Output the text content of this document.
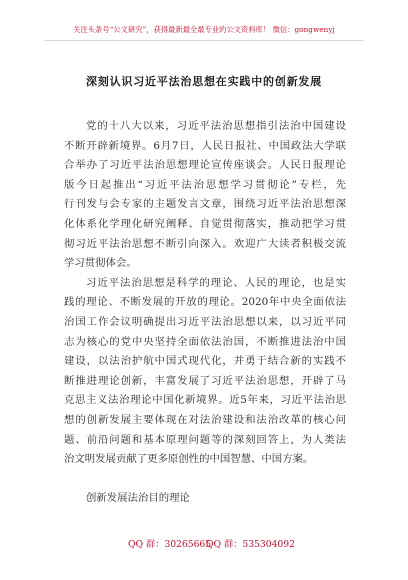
关注头条号“公文研究”，获得最新最全最专业的公文资料库！ 微信：gongwenyj
深刻认识习近平法治思想在实践中的创新发展
党的十八大以来，习近平法治思想指引法治中国建设
不断开辟新境界。6月7日，人民日报社、中国政法大学联
合举办了习近平法治思想理论宣传座谈会。人民日报理论
版今日起推出“习近平法治思想学习贯彻论”专栏，先
行刊发与会专家的主题发言文章，围绕习近平法治思想深
化体系化学理化研究阐释、自觉贯彻落实，推动把学习贯
彻习近平法治思想不断引向深入。欢迎广大读者积极交流
学习贯彻体会。
习近平法治思想是科学的理论、人民的理论，也是实
践的理论、不断发展的开放的理论。2020年中央全面依法
治国工作会议明确提出习近平法治思想以来，以习近平同
志为核心的党中央坚持全面依法治国，不断推进法治中国
建设，以法治护航中国式现代化，并勇于结合新的实践不
断推进理论创新，丰富发展了习近平法治思想，开辟了马
克思主义法治理论中国化新境界。近5年来，习近平法治思
想的创新发展主要体现在对法治建设和法治改革的核心问
题、前沿问题和基本原理问题等的深刻回答上，为人类法
治文明发展贡献了更多原创性的中国智慧、中国方案。
创新发展法治目的理论
QQ 群：30265665
QQ 群：535304092
